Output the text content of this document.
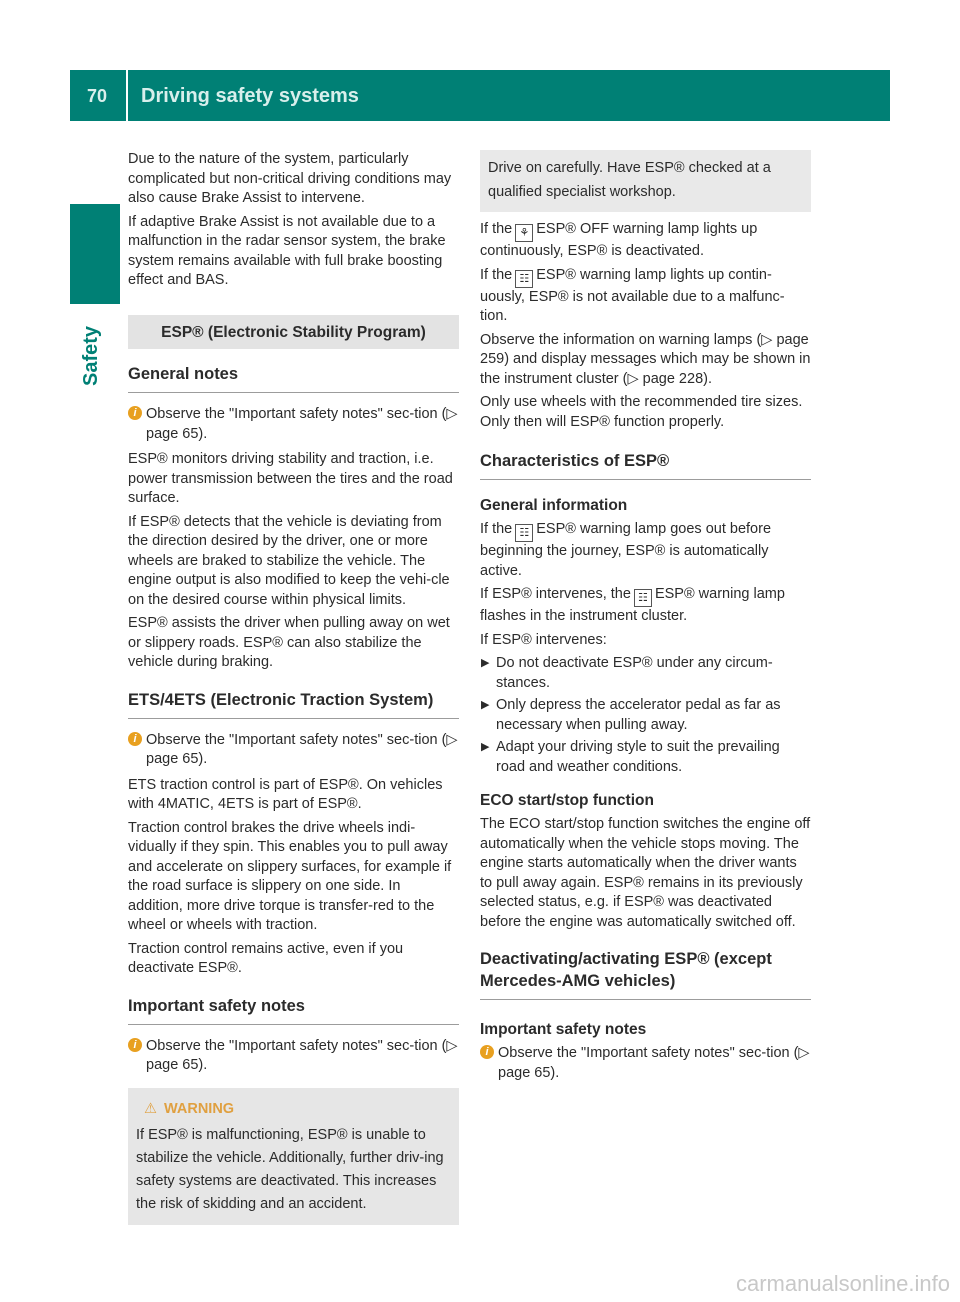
70	Driving safety systems
Safety

Due to the nature of the system, particularly complicated but non-critical driving conditions may also cause Brake Assist to intervene.

If adaptive Brake Assist is not available due to a malfunction in the radar sensor system, the brake system remains available with full brake boosting effect and BAS.

ESP® (Electronic Stability Program)
General notes
i Observe the "Important safety notes" sec-tion (▷ page 65).

ESP® monitors driving stability and traction, i.e. power transmission between the tires and the road surface.

If ESP® detects that the vehicle is deviating from the direction desired by the driver, one or more wheels are braked to stabilize the vehicle. The engine output is also modified to keep the vehi-cle on the desired course within physical limits.

ESP® assists the driver when pulling away on wet or slippery roads. ESP® can also stabilize the vehicle during braking.

ETS/4ETS (Electronic Traction System)
i Observe the "Important safety notes" sec-tion (▷ page 65).

ETS traction control is part of ESP®. On vehicles with 4MATIC, 4ETS is part of ESP®.

Traction control brakes the drive wheels indi-vidually if they spin. This enables you to pull away and accelerate on slippery surfaces, for example if the road surface is slippery on one side. In addition, more drive torque is transfer-red to the wheel or wheels with traction.

Traction control remains active, even if you deactivate ESP®.

Important safety notes
i Observe the "Important safety notes" sec-tion (▷ page 65).
⚠ WARNING
If ESP® is malfunctioning, ESP® is unable to stabilize the vehicle. Additionally, further driv-ing safety systems are deactivated. This increases the risk of skidding and an accident.
Drive on carefully. Have ESP® checked at a qualified specialist workshop.

If the ⚘ ESP® OFF warning lamp lights up continuously, ESP® is deactivated.

If the ☷ ESP® warning lamp lights up contin-uously, ESP® is not available due to a malfunc-tion.

Observe the information on warning lamps (▷ page 259) and display messages which may be shown in the instrument cluster (▷ page 228).

Only use wheels with the recommended tire sizes. Only then will ESP® function properly.

Characteristics of ESP®
General information

If the ☷ ESP® warning lamp goes out before beginning the journey, ESP® is automatically active.

If ESP® intervenes, the ☷ ESP® warning lamp flashes in the instrument cluster.

If ESP® intervenes:

▶ Do not deactivate ESP® under any circum-stances.
▶ Only depress the accelerator pedal as far as necessary when pulling away.
▶ Adapt your driving style to suit the prevailing road and weather conditions.
ECO start/stop function

The ECO start/stop function switches the engine off automatically when the vehicle stops moving. The engine starts automatically when the driver wants to pull away again. ESP® remains in its previously selected status, e.g. if ESP® was deactivated before the engine was automatically switched off.

Deactivating/activating ESP® (except Mercedes-AMG vehicles)
Important safety notes
i Observe the "Important safety notes" sec-tion (▷ page 65).
carmanualsonline.info
